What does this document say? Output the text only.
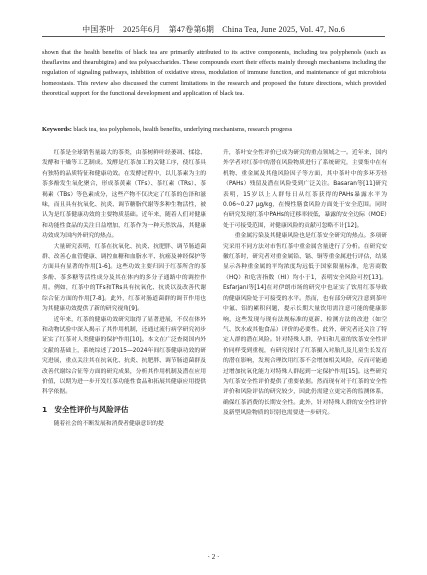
中国茶叶　2025年6月　第47卷第6期　China Tea, June 2025, Vol. 47, No.6

shown that the health benefits of black tea are primarily attributed to its active components, including tea polyphenols (such as theaflavins and thearubigins) and tea polysaccharides. These compounds exert their effects mainly through mechanisms including the regulation of signaling pathways, inhibition of oxidative stress, modulation of immune function, and maintenance of gut microbiota homeostasis. This review also discussed the current limitations in the research and proposed the future directions, which provided theoretical support for the functional development and application of black tea.

Keywords: black tea, tea polyphenols, health benefits, underlying mechanisms, research progress

红茶是全球销售量最大的茶类，由茶树鲜叶经萎凋、揉捻、发酵和干燥等工艺制成。发酵是红茶加工的关键工序，使红茶具有独特的品质特征和健康功效。在发酵过程中，以儿茶素为主的茶多酚发生氧化聚合，形成茶黄素（TFs）、茶红素（TRs）、茶褐素（TBs）等色素成分，这些产物不仅决定了红茶的色泽和滋味，而且具有抗氧化、抗炎、调节糖脂代谢等多种生物活性，被认为是红茶健康功效的主要物质基础。近年来，随着人们对健康和功能性食品的关注日益增加，红茶作为一种天然饮品，其健康功效成为国内外研究的热点。

大量研究表明，红茶在抗氧化、抗炎、抗肥胖、调节肠道菌群、改善心血管健康、调控血糖和血脂水平、抗癌及神经保护等方面具有显著的作用[1-6]。这些功效主要归因于红茶所含的茶多酚、茶多糖等活性成分及其在体内的多分子通路中的调控作用。例如，红茶中的TFs和TRs具有抗氧化、抗炎以及改善代谢综合征方面的作用[7-8]。此外，红茶对肠道菌群的调节作用也为其健康功效提供了新的研究视角[9]。

近年来，红茶的健康功效研究取得了显著进展，不仅在体外和动物试验中深入揭示了其作用机制，还通过流行病学研究初步证实了红茶对人类健康的保护作用[10]。本文在广泛查阅国内外文献的基础上，系统综述了2015—2024年间红茶健康功效的研究进展，重点关注其在抗氧化、抗炎、抗肥胖、调节肠道菌群及改善代谢综合征等方面的研究成果，分析其作用机制及潜在应用价值，以期为进一步开发红茶功能性食品和拓展其健康应用提供科学依据。

1　安全性评价与风险评估

随着社会的不断发展和消费者健康意识的提

升，茶叶安全性评价已成为研究的重点领域之一。近年来，国内外学者对红茶中的潜在风险物质进行了系统研究，主要集中在有机物、重金属及其他风险因子等方面，其中茶叶中的多环芳烃（PAHs）残留及潜在风险受到广泛关注。Basaran等[11]研究表明，15岁以上人群每日从红茶获得的PAHs暴露水平为0.06~0.27 μg/kg，在慢性膳食风险方面处于安全范围。同时有研究发现红茶中PAHs的迁移率较低，暴露的安全边际（MOE）处于可接受范围，对健康风险的贡献可忽略不计[12]。

重金属污染及其健康风险也是红茶安全研究的热点。多项研究采用不同方法对市售红茶中重金属含量进行了分析。在研究安徽红茶时，研究者对重金属铅、镉、铜等重金属进行评估，结果显示各种重金属的平均浓度均远低于国家限量标准，危害商数（HQ）和危害指数（HI）均小于1，表明安全风险可控[13]。Esfarjani等[14]在对伊朗市场的研究中也证实了饮用红茶导致的健康风险处于可接受的水平。然而，也有部分研究注意到茶叶中氟、铝的累积问题，提示长期大量饮用需注意可能的健康影响，这些发现与现有法规标准的更新、检测方法的改进（如空气、饮水或其他食品）评价的必要性。此外，研究者还关注了特定人群的潜在风险。针对特殊人群，孕妇和儿童的饮茶安全性评价同样受到重视，有研究探讨了红茶摄入对胎儿及儿童生长发育的潜在影响，发现合理饮用红茶不会增加相关风险，反而可能通过增加抗氧化能力对特殊人群起到一定保护作用[15]。这些研究为红茶安全性评价提供了重要依据。然而现有对于红茶的安全性评价和风险评估的研究较少，因此仍需建立更完善的监测体系，确保红茶消费的长期安全性。此外，针对特殊人群的安全性评价及新型风险物质的识别也需要进一步研究。

· 2 ·
